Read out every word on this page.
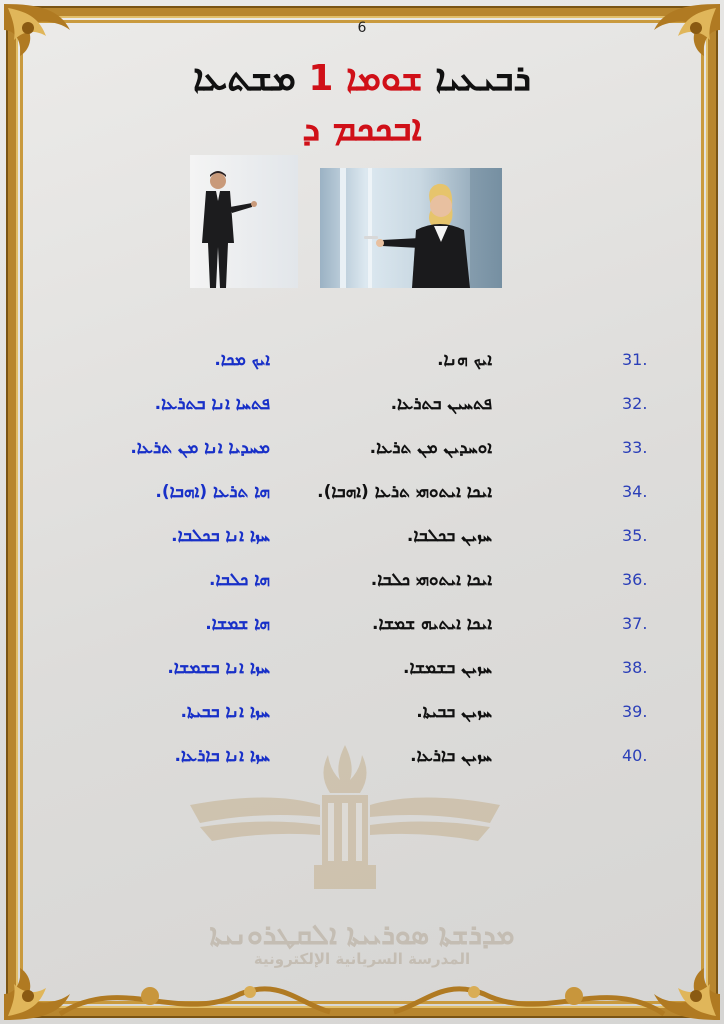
6
ܪܒܝܥܝܐ ܫܘܡܐ 1 ܡܫܬܥܐ
ܐܒܟܟܡ ܕ
31.
ܐܝܟ ܗܢܐ.
ܐܝܟ ܡܟܐ.
32.
ܦܬܚܝܢ ܒܬܪܥܐ.
ܦܬܚܐ ܐܢܐ ܒܬܪܥܐ.
33.
ܐܘܚܕܝܢ ܡܢ ܬܪܥܐ.
ܡܚܕܝܐ ܐܢܐ ܡܢ ܬܪܥܐ.
34.
ܐܝܟܐ ܐܝܬܘܗܝ ܬܪܥܐ (ܐܗܒܐ).
ܗܐ ܬܪܥܐ (ܐܗܒܐ).
35.
ܚܙܝܢ ܒܟܠܒܐ.
ܚܙܐ ܐܢܐ ܒܟܠܒܐ.
36.
ܐܝܟܐ ܐܝܬܘܗܝ ܟܠܒܐ.
ܗܐ ܟܠܒܐ.
37.
ܐܝܟܐ ܐܝܬܝܗ ܫܡܫܐ.
ܗܐ ܫܡܫܐ.
38.
ܚܙܝܢ ܒܫܡܫܐ.
ܚܙܐ ܐܢܐ ܒܫܡܫܐ.
39.
ܚܙܝܢ ܒܒܝܬܐ.
ܚܙܐ ܐܢܐ ܒܒܝܬܐ.
40.
ܚܙܝܢ ܒܐܪܥܐ.
ܚܙܐ ܐܢܐ ܒܐܪܥܐ.
ܡܕܪܫܬܐ ܣܘܪܝܝܬܐ ܐܠܩܛܪܘܢܝܬܐ
المدرسة السريانية الإلكترونية
